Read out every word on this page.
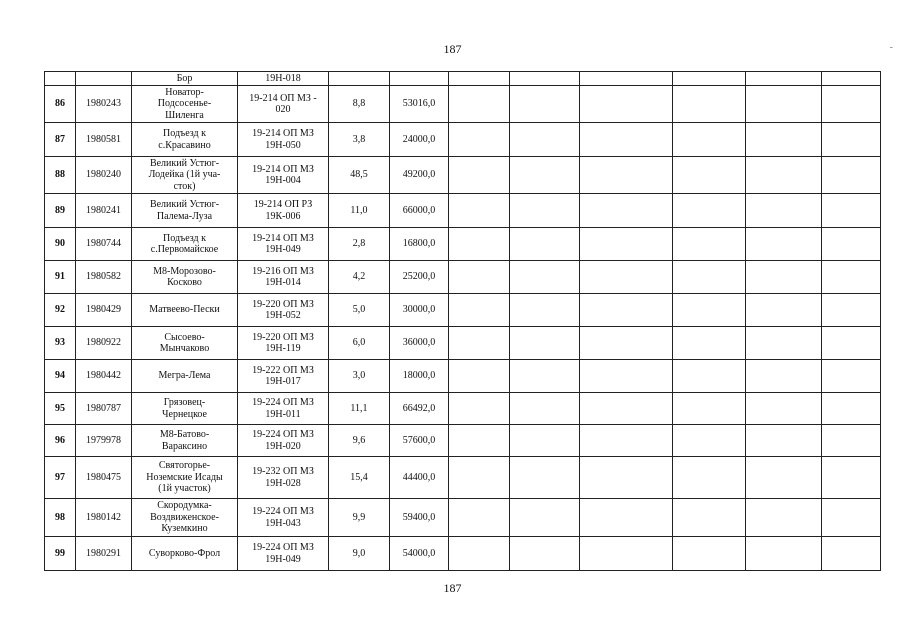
187	-
		Бор	19Н-018								
86	1980243	Новатор-
Подсосенье-
Шиленга	19-214 ОП МЗ -
020	8,8	53016,0						
87	1980581	Подъезд к
с.Красавино	19-214 ОП МЗ
19Н-050	3,8	24000,0						
88	1980240	Великий Устюг-
Лодейка (1й уча-
сток)	19-214 ОП МЗ
19Н-004	48,5	49200,0						
89	1980241	Великий Устюг-
Палема-Луза	19-214 ОП РЗ
19К-006	11,0	66000,0						
90	1980744	Подъезд к
с.Первомайское	19-214 ОП МЗ
19Н-049	2,8	16800,0						
91	1980582	М8-Морозово-
Косково	19-216 ОП МЗ
19Н-014	4,2	25200,0						
92	1980429	Матвеево-Пески	19-220 ОП МЗ
19Н-052	5,0	30000,0						
93	1980922	Сысоево-
Мынчаково	19-220 ОП МЗ
19Н-119	6,0	36000,0						
94	1980442	Мегра-Лема	19-222 ОП МЗ
19Н-017	3,0	18000,0						
95	1980787	Грязовец-
Чернецкое	19-224 ОП МЗ
19Н-011	11,1	66492,0						
96	1979978	М8-Батово-
Вараксино	19-224 ОП МЗ
19Н-020	9,6	57600,0						
97	1980475	Святогорье-
Ноземские Исады
(1й участок)	19-232 ОП МЗ
19Н-028	15,4	44400,0						
98	1980142	Скородумка-
Воздвиженское-
Куземкино	19-224 ОП МЗ
19Н-043	9,9	59400,0						
99	1980291	Суворково-Фрол	19-224 ОП МЗ
19Н-049	9,0	54000,0						
187
